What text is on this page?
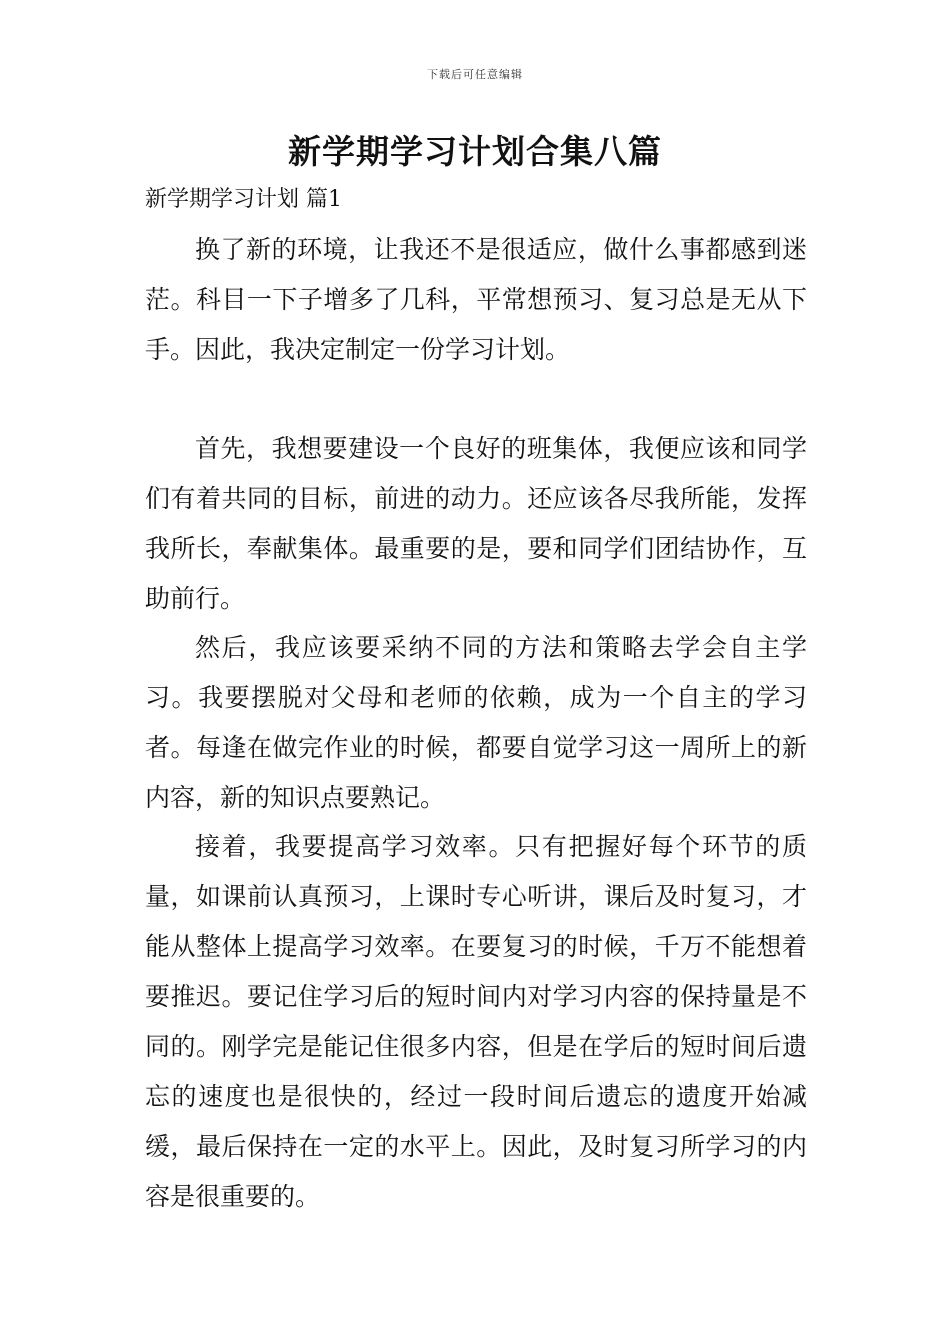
下载后可任意编辑
新学期学习计划合集八篇

新学期学习计划 篇1

换了新的环境，让我还不是很适应，做什么事都感到迷茫。科目一下子增多了几科，平常想预习、复习总是无从下手。因此，我决定制定一份学习计划。

首先，我想要建设一个良好的班集体，我便应该和同学们有着共同的目标，前进的动力。还应该各尽我所能，发挥我所长，奉献集体。最重要的是，要和同学们团结协作，互助前行。

然后，我应该要采纳不同的方法和策略去学会自主学习。我要摆脱对父母和老师的依赖，成为一个自主的学习者。每逢在做完作业的时候，都要自觉学习这一周所上的新内容，新的知识点要熟记。

接着，我要提高学习效率。只有把握好每个环节的质量，如课前认真预习，上课时专心听讲，课后及时复习，才能从整体上提高学习效率。在要复习的时候，千万不能想着要推迟。要记住学习后的短时间内对学习内容的保持量是不同的。刚学完是能记住很多内容，但是在学后的短时间后遗忘的速度也是很快的，经过一段时间后遗忘的遗度开始减缓，最后保持在一定的水平上。因此，及时复习所学习的内容是很重要的。
